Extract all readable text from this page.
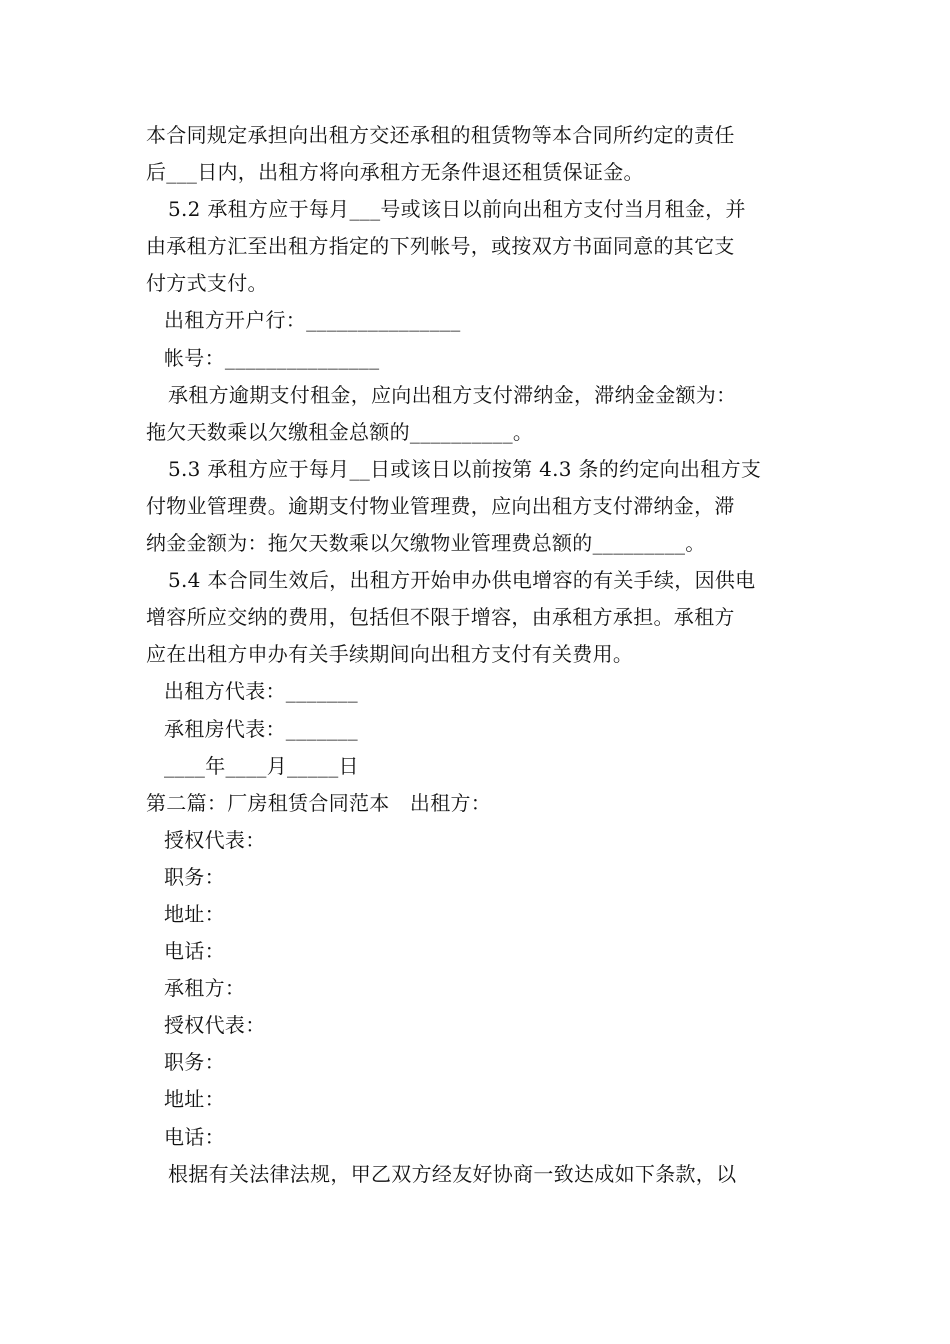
本合同规定承担向出租方交还承租的租赁物等本合同所约定的责任
后___日内，出租方将向承租方无条件退还租赁保证金。
5.2 承租方应于每月___号或该日以前向出租方支付当月租金，并
由承租方汇至出租方指定的下列帐号，或按双方书面同意的其它支
付方式支付。
出租方开户行：_______________
帐号：_______________
承租方逾期支付租金，应向出租方支付滞纳金，滞纳金金额为：
拖欠天数乘以欠缴租金总额的__________。
5.3 承租方应于每月__日或该日以前按第 4.3 条的约定向出租方支
付物业管理费。逾期支付物业管理费，应向出租方支付滞纳金，滞
纳金金额为：拖欠天数乘以欠缴物业管理费总额的_________。
5.4 本合同生效后，出租方开始申办供电增容的有关手续，因供电
增容所应交纳的费用，包括但不限于增容，由承租方承担。承租方
应在出租方申办有关手续期间向出租方支付有关费用。
出租方代表：_______
承租房代表：_______
____年____月_____日
第二篇：厂房租赁合同范本　出租方：
授权代表：
职务：
地址：
电话：
承租方：
授权代表：
职务：
地址：
电话：
根据有关法律法规，甲乙双方经友好协商一致达成如下条款，以
